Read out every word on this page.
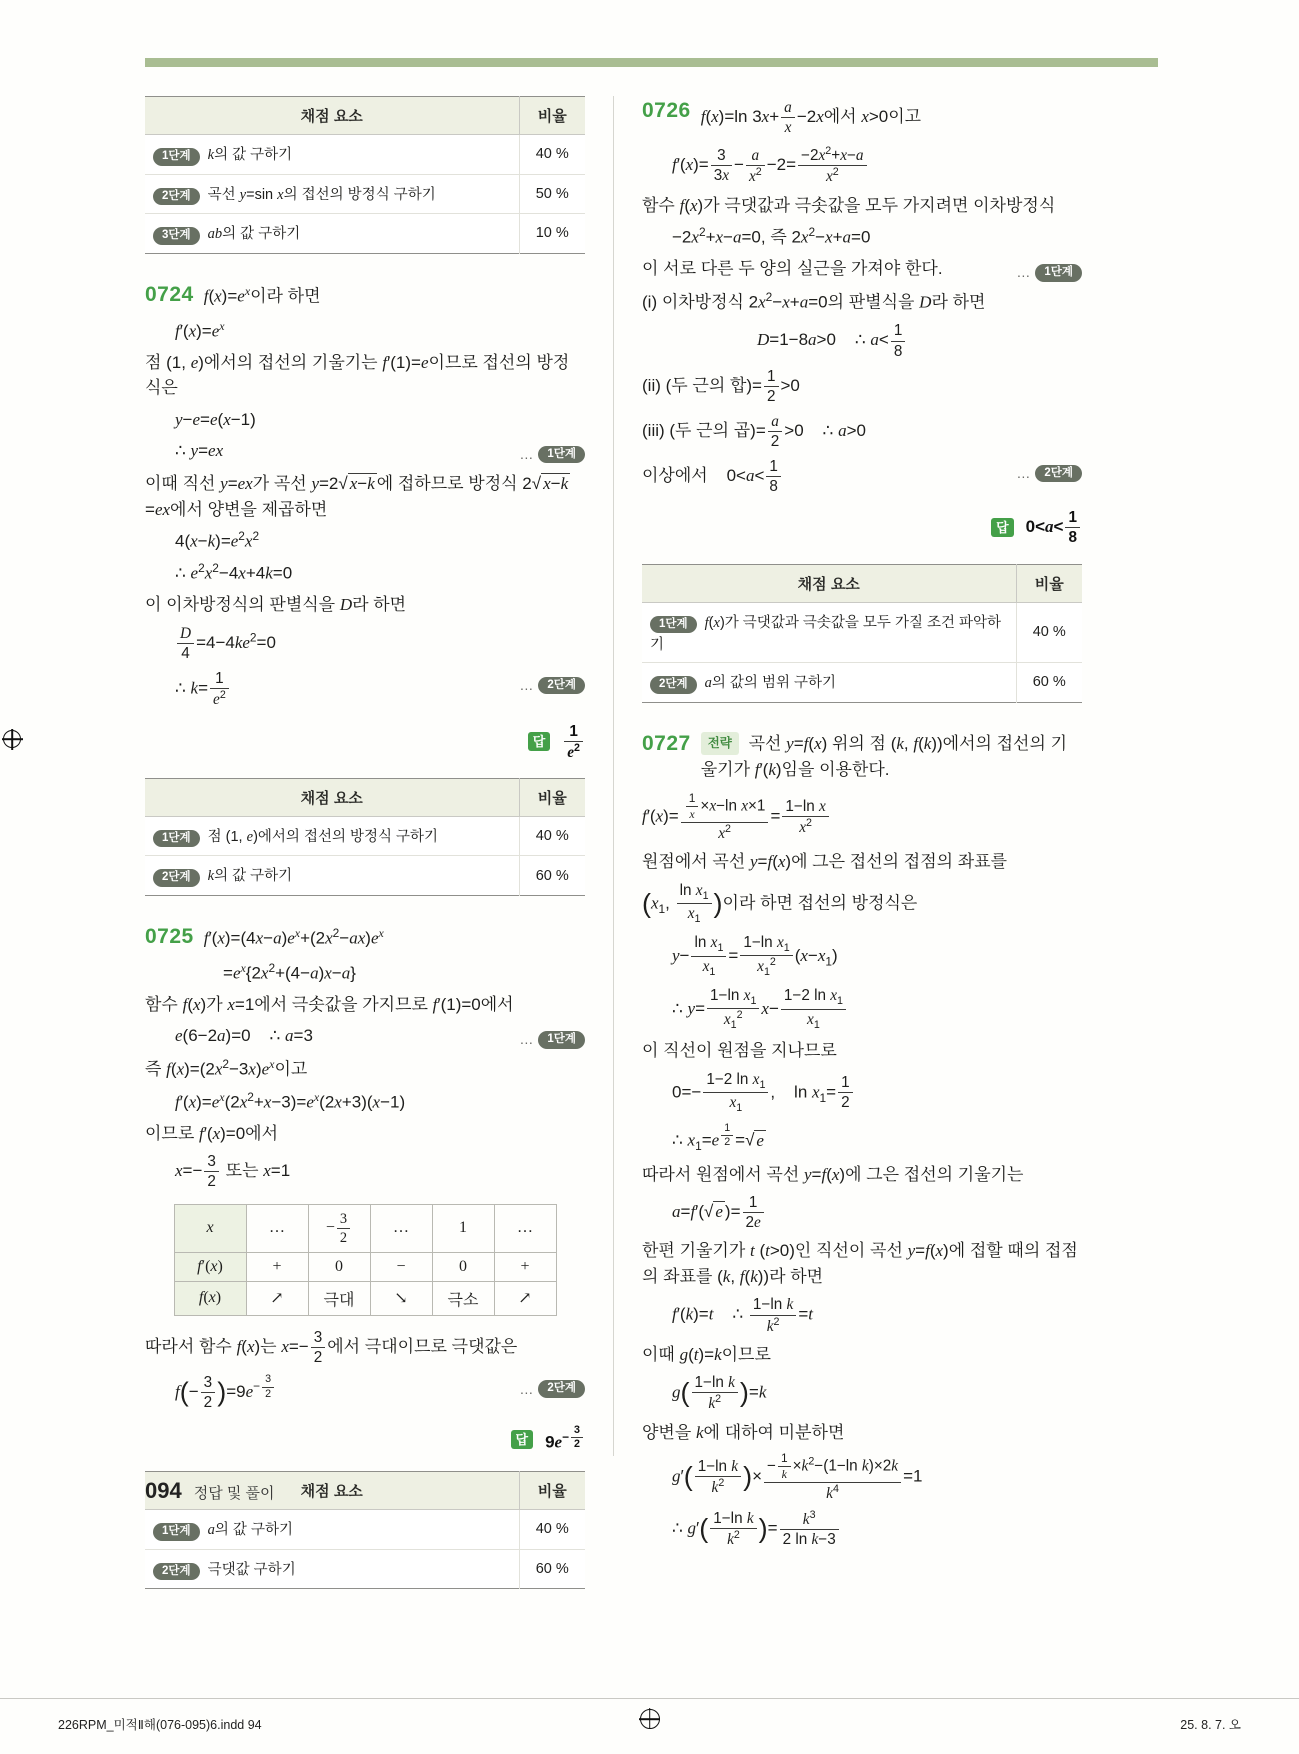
채점 요소	비율
1단계 k의 값 구하기	40 %
2단계 곡선 y=sin x의 접선의 방정식 구하기	50 %
3단계 ab의 값 구하기	10 %
0724 $f(x)=e^x$이라 하면
$f'(x)=e^x$
점 (1, e)에서의 접선의 기울기는 f′(1)=e이므로 접선의 방정식은
y−e=e(x−1)
∴ y=ex	…	1단계
이때 직선 y=ex가 곡선 y=2√ x−k 에 접하므로 방정식 2√ x−k=ex에서 양변을 제곱하면
$4(x-k)=e^2x^2$
∴ $e^2x^2-4x+4k=0$
이 이차방정식의 판별식을 D라 하면
$\frac{D}{4} =4-4ke^2=0$
∴ $k= \frac{1}{e^2}$	…	2단계
답	$\frac{1}{e^2}$
채점 요소	비율
1단계 점 (1, e)에서의 접선의 방정식 구하기	40 %
2단계 k의 값 구하기	60 %
0725 $f'(x)=(4x-a)e^x+(2x^2-ax)e^x$
$=e^x\{2x^2+(4-a)x-a\}$
함수 f(x)가 x=1에서 극솟값을 가지므로 f′(1)=0에서
e(6−2a)=0    ∴ a=3	…	1단계
즉 $f(x)=(2x^2-3x)e^x$이고
$f'(x)=e^x(2x^2+x-3)=e^x(2x+3)(x-1)$
이므로 f′(x)=0에서
$x=- \frac{3}{2}$ 또는 x=1
x	…	− $\frac{3}{2}$	…	1	…
f′(x)	+	0	−	0	+
f(x)	↗	극대	↘	극소	↗
따라서 함수 f(x)는 $x=- \frac{3}{2}$ 에서 극대이므로 극댓값은
$f(- \frac{3}{2} )=9e^{- \frac{3}{2}}$	…	2단계
답 $9e^{- \frac{3}{2}}$
채점 요소	비율
1단계 a의 값 구하기	40 %
2단계 극댓값 구하기	60 %
0726 f(x)=ln $3x+ \frac{a}{x} -2x$에서 x>0이고
$f'(x)= \frac{3}{3x} - \frac{a}{x^2} -2= \frac{-2x^2+x-a}{x^2}$
함수 f(x)가 극댓값과 극솟값을 모두 가지려면 이차방정식
$-2x^2+x-a=0$, 즉 $2x^2-x+a=0$
이 서로 다른 두 양의 실근을 가져야 한다.	…	1단계
(i) 이차방정식 $2x^2-x+a=0$의 판별식을 D라 하면
D=1−8a>0    ∴ $a< \frac{1}{8}$
(ii) (두 근의 합)= $\frac{1}{2} >0$
(iii) (두 근의 곱)= $\frac{a}{2} >0$    ∴ a>0
이상에서    $0<a< \frac{1}{8}$	…	2단계
답 $0<a< \frac{1}{8}$
채점 요소	비율
1단계 f(x)가 극댓값과 극솟값을 모두 가질 조건 파악하기	40 %
2단계 a의 값의 범위 구하기	60 %
0727	전략 곡선 y=f(x) 위의 점 (k, f(k))에서의 접선의 기울기가 f′(k)임을 이용한다.
$f'(x)= \frac{\frac{1}{x} \times x-\ln x\times 1}{x^2} = \frac{\text{1−ln x}}{x^2}$
원점에서 곡선 y=f(x)에 그은 접선의 접점의 좌표를
($x_1$, $\frac{\ln x_1}{x_1}$ )이라 하면 접선의 방정식은
$y- \frac{\ln x_1}{x_1} = \frac{1-\ln x_1}{x_1^2} (x-x_1)$
∴ $y= \frac{1-\ln x_1}{x_1^2} x- \frac{1-2 \ln x_1}{x_1}$
이 직선이 원점을 지나므로
$0=- \frac{1-2 \ln x_1}{x_1}$ ,    $\ln x_1= \frac{1}{2}$
∴ $x_1=e$ $^{\frac{1}{2}}$ =√ e
따라서 원점에서 곡선 y=f(x)에 그은 접선의 기울기는
a=f′(√ e )= $\frac{1}{2e}$
한편 기울기가 t (t>0)인 직선이 곡선 y=f(x)에 접할 때의 접점의 좌표를 (k, f(k))라 하면
f′(k)=t    ∴ $\frac{\text{1−ln k}}{k^2} =t$
이때 g(t)=k이므로
$g( \frac{\text{1−ln k}}{k^2} )=k$
양변을 k에 대하여 미분하면
$g'( \frac{\text{1−ln k}}{k^2}$ )× $\frac{- \frac{1}{k} \times k^2-(1-\ln k)\times 2k}{k^4} =1$
∴ $g'( \frac{\text{1−ln k}}{k^2}$ )= $\frac{k^3}{\text{2 ln k−3}}$
094 정답 및 풀이
226RPM_미적Ⅱ해(076-095)6.indd 94	25. 8. 7. 오
